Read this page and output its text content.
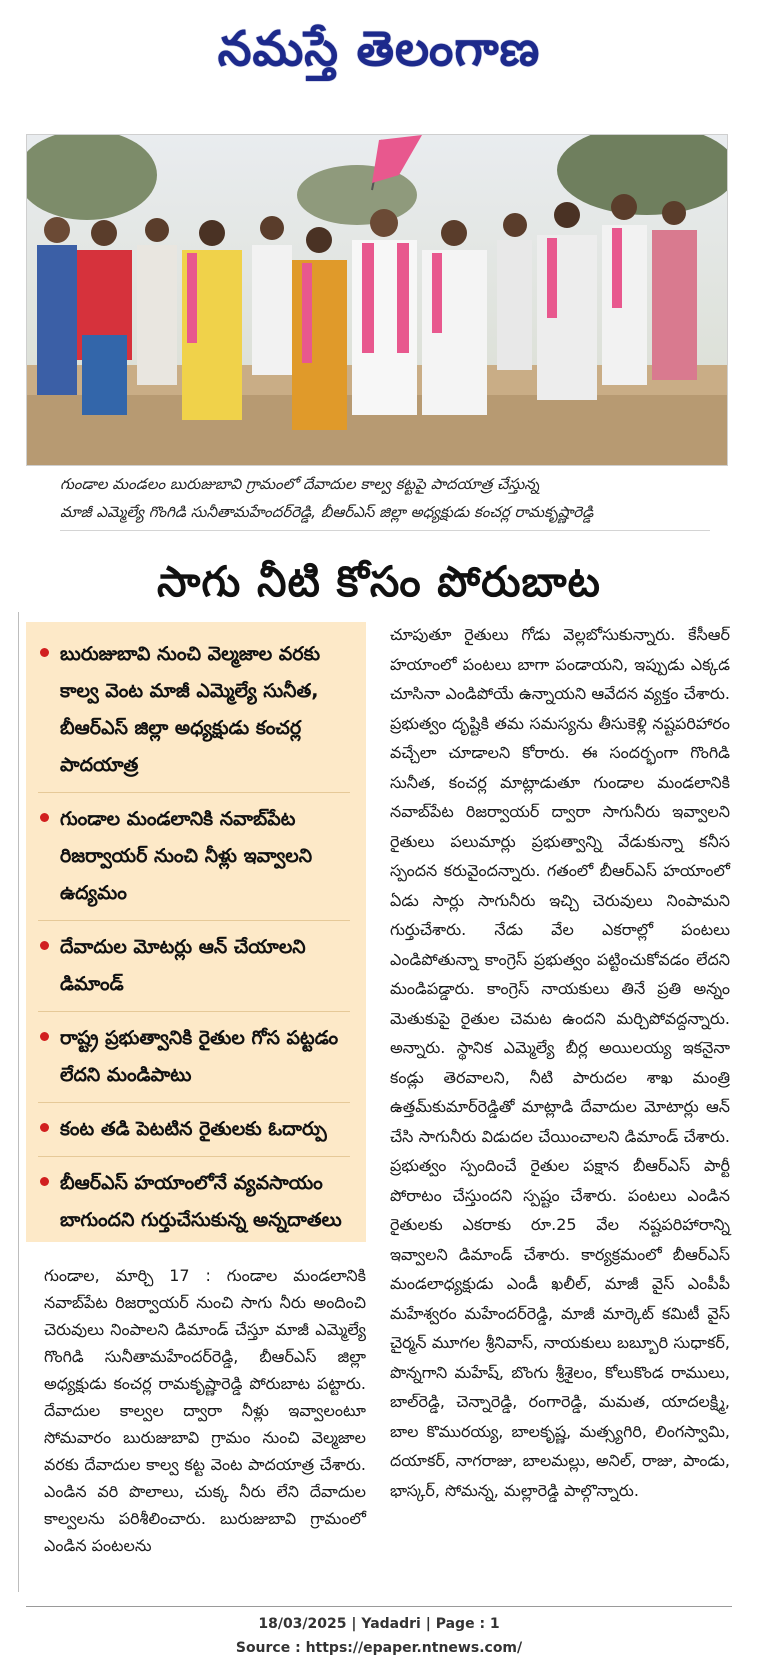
నమస్తే తెలంగాణ
గుండాల మండలం బురుజుబావి గ్రామంలో దేవాదుల కాల్వ కట్టపై పాదయాత్ర చేస్తున్న
మాజీ ఎమ్మెల్యే గొంగిడి సునీతామహేందర్‌రెడ్డి, బీఆర్‌ఎస్‌ జిల్లా అధ్యక్షుడు కంచర్ల రామకృష్ణారెడ్డి
సాగు నీటి కోసం పోరుబాట
బురుజుబావి నుంచి వెల్మజాల వరకు కాల్వ వెంట మాజీ ఎమ్మెల్యే సునీత, బీఆర్‌ఎస్‌ జిల్లా అధ్యక్షుడు కంచర్ల పాదయాత్ర
గుండాల మండలానికి నవాబ్‌పేట రిజర్వాయర్‌ నుంచి నీళ్లు ఇవ్వాలని ఉద్యమం
దేవాదుల మోటర్లు ఆన్‌ చేయాలని డిమాండ్‌
రాష్ట్ర ప్రభుత్వానికి రైతుల గోస పట్టడం లేదని మండిపాటు
కంట తడి పెటటిన రైతులకు ఓదార్పు
బీఆర్‌ఎస్‌ హయాంలోనే వ్యవసాయం బాగుందని గుర్తుచేసుకున్న అన్నదాతలు
చూపుతూ రైతులు గోడు వెల్లబోసుకున్నారు. కేసీఆర్‌ హయాంలో పంటలు బాగా పండాయని, ఇప్పుడు ఎక్కడ చూసినా ఎండిపోయే ఉన్నాయని ఆవేదన వ్యక్తం చేశారు. ప్రభుత్వం దృష్టికి తమ సమస్యను తీసుకెళ్లి నష్టపరిహారం వచ్చేలా చూడాలని కోరారు. ఈ సందర్భంగా గొంగిడి సునీత, కంచర్ల మాట్లాడుతూ గుండాల మండలానికి నవాబ్‌పేట రిజర్వాయర్‌ ద్వారా సాగునీరు ఇవ్వాలని రైతులు పలుమార్లు ప్రభుత్వాన్ని వేడుకున్నా కనీస స్పందన కరువైందన్నారు. గతంలో బీఆర్‌ఎస్‌ హయాంలో ఏడు సార్లు సాగునీరు ఇచ్చి చెరువులు నింపామని గుర్తుచేశారు. నేడు వేల ఎకరాల్లో పంటలు ఎండిపోతున్నా కాంగ్రెస్‌ ప్రభుత్వం పట్టించుకోవడం లేదని మండిపడ్డారు. కాంగ్రెస్‌ నాయకులు తినే ప్రతి అన్నం మెతుకుపై రైతుల చెమట ఉందని మర్చిపోవద్దన్నారు. అన్నారు. స్థానిక ఎమ్మెల్యే బీర్ల అయిలయ్య ఇకనైనా కండ్లు తెరవాలని, నీటి పారుదల శాఖ మంత్రి ఉత్తమ్‌కుమార్‌రెడ్డితో మాట్లాడి దేవాదుల మోటార్లు ఆన్‌ చేసి సాగునీరు విడుదల చేయించాలని డిమాండ్‌ చేశారు. ప్రభుత్వం స్పందించే రైతుల పక్షాన బీఆర్‌ఎస్‌ పార్టీ పోరాటం చేస్తుందని స్పష్టం చేశారు. పంటలు ఎండిన రైతులకు ఎకరాకు రూ.25 వేల నష్టపరిహారాన్ని ఇవ్వాలని డిమాండ్‌ చేశారు. కార్యక్రమంలో బీఆర్‌ఎస్‌ మండలాధ్యక్షుడు ఎండీ ఖలీల్‌, మాజీ వైస్‌ ఎంపీపీ మహేశ్వరం మహేందర్‌రెడ్డి, మాజీ మార్కెట్‌ కమిటీ వైస్‌ చైర్మన్‌ మూగల శ్రీనివాస్‌, నాయకులు బబ్బూరి సుధాకర్‌, పొన్నగాని మహేష్‌, బొంగు శ్రీశైలం, కోలుకొండ రాములు, బాల్‌రెడ్డి, చెన్నారెడ్డి, రంగారెడ్డి, మమత, యాదలక్ష్మి, బాల కొమురయ్య, బాలకృష్ణ, మత్స్యగిరి, లింగస్వామి, దయాకర్‌, నాగరాజు, బాలమల్లు, అనిల్‌, రాజు, పాండు, భాస్కర్‌, సోమన్న, మల్లారెడ్డి పాల్గొన్నారు.
గుండాల, మార్చి 17 : గుండాల మండలానికి నవాబ్‌పేట రిజర్వాయర్‌ నుంచి సాగు నీరు అందించి చెరువులు నింపాలని డిమాండ్‌ చేస్తూ మాజీ ఎమ్మెల్యే గొంగిడి సునీతామహేందర్‌రెడ్డి, బీఆర్‌ఎస్‌ జిల్లా అధ్యక్షుడు కంచర్ల రామకృష్ణారెడ్డి పోరుబాట పట్టారు. దేవాదుల కాల్వల ద్వారా నీళ్లు ఇవ్వాలంటూ సోమవారం బురుజుబావి గ్రామం నుంచి వెల్మజాల వరకు దేవాదుల కాల్వ కట్ట వెంట పాదయాత్ర చేశారు. ఎండిన వరి పొలాలు, చుక్క నీరు లేని దేవాదుల కాల్వలను పరిశీలించారు. బురుజుబావి గ్రామంలో ఎండిన పంటలను
18/03/2025 | Yadadri | Page : 1
Source : https://epaper.ntnews.com/
